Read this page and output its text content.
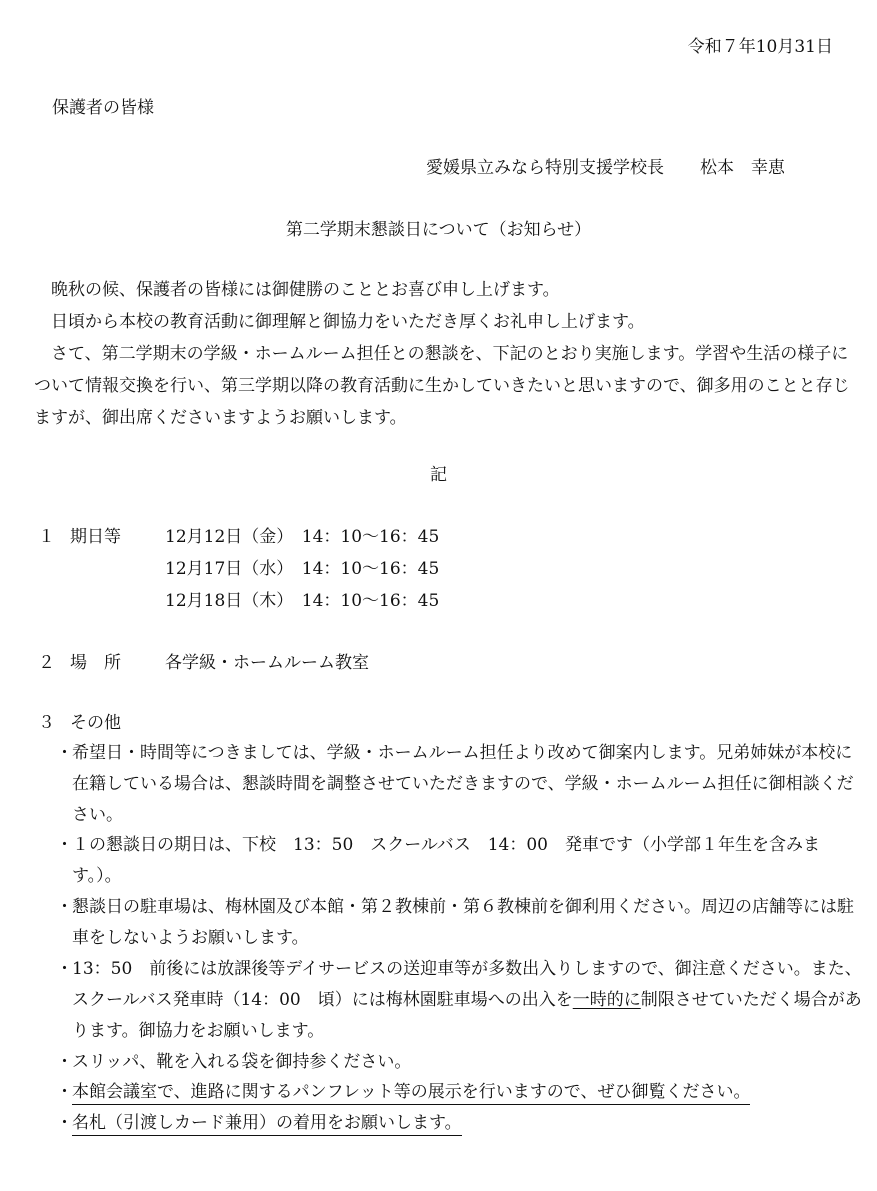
令和７年10月31日
保護者の皆様
愛媛県立みなら特別支援学校長 松本　幸恵
第二学期末懇談日について（お知らせ）
晩秋の候、保護者の皆様には御健勝のこととお喜び申し上げます。
日頃から本校の教育活動に御理解と御協力をいただき厚くお礼申し上げます。
さて、第二学期末の学級・ホームルーム担任との懇談を、下記のとおり実施します。学習や生活の様子について情報交換を行い、第三学期以降の教育活動に生かしていきたいと思いますので、御多用のことと存じますが、御出席くださいますようお願いします。
記
１ 期日等	12月12日（金）　14：10～16：45
12月17日（水）　14：10～16：45
12月18日（木）　14：10～16：45
２ 場　所	各学級・ホームルーム教室
３ その他
・ 希望日・時間等につきましては、学級・ホームルーム担任より改めて御案内します。兄弟姉妹が本校に在籍している場合は、懇談時間を調整させていただきますので、学級・ホームルーム担任に御相談ください。
・ １の懇談日の期日は、下校　13：50　スクールバス　14：00　発車です（小学部１年生を含みます。）。
・ 懇談日の駐車場は、梅林園及び本館・第２教棟前・第６教棟前を御利用ください。周辺の店舗等には駐車をしないようお願いします。
・ 13：50　前後には放課後等デイサービスの送迎車等が多数出入りしますので、御注意ください。また、スクールバス発車時（14：00　頃）には梅林園駐車場への出入を一時的に制限させていただく場合があります。御協力をお願いします。
・ スリッパ、靴を入れる袋を御持参ください。
・ 本館会議室で、進路に関するパンフレット等の展示を行いますので、ぜひ御覧ください。
・ 名札（引渡しカード兼用）の着用をお願いします。
